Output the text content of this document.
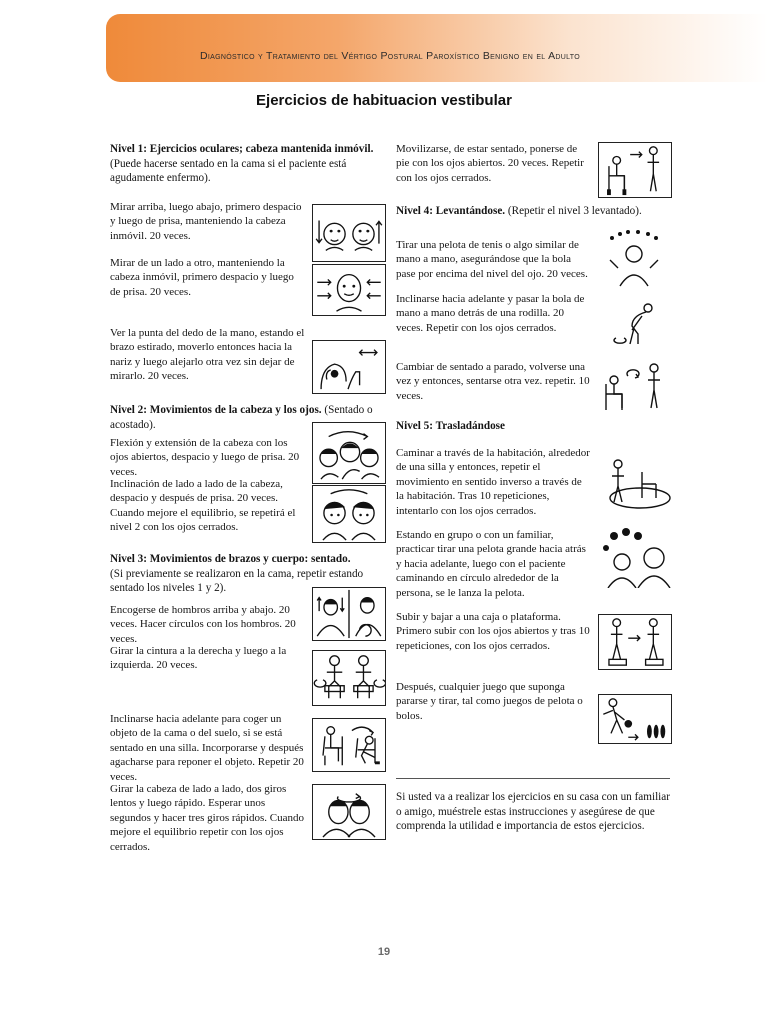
Diagnóstico y Tratamiento del Vértigo Postural Paroxístico Benigno en el Adulto
Ejercicios de habituacion vestibular
Nivel 1: Ejercicios oculares; cabeza mantenida inmóvil. (Puede hacerse sentado en la cama si el paciente está agudamente enfermo).
Mirar arriba, luego abajo, primero despacio y luego de prisa, manteniendo la cabeza inmóvil. 20 veces.
Mirar de un lado a otro, manteniendo la cabeza inmóvil, primero despacio y luego de prisa. 20 veces.
Ver la punta del dedo de la mano, estando el brazo estirado, moverlo entonces hacia la nariz y luego alejarlo otra vez sin dejar de mirarlo. 20 veces.
Nivel 2: Movimientos de la cabeza y los ojos. (Sentado o acostado).
Flexión y extensión de la cabeza con los ojos abiertos, despacio y luego de prisa. 20 veces.
Inclinación de lado a lado de la cabeza, despacio y después de prisa. 20 veces. Cuando mejore el equilibrio, se repetirá el nivel 2 con los ojos cerrados.
Nivel 3: Movimientos de brazos y cuerpo: sentado.
(Si previamente se realizaron en la cama, repetir estando sentado los niveles 1 y 2).
Encogerse de hombros arriba y abajo. 20 veces. Hacer círculos con los hombros. 20 veces.
Girar la cintura a la derecha y luego a la izquierda. 20 veces.
Inclinarse hacia adelante para coger un objeto de la cama o del suelo, si se está sentado en una silla. Incorporarse y después agacharse para reponer el objeto. Repetir 20 veces.
Girar la cabeza de lado a lado, dos giros lentos y luego rápido. Esperar unos segundos y hacer tres giros rápidos. Cuando mejore el equilibrio repetir con los ojos cerrados.
Movilizarse, de estar sentado, ponerse de pie con los ojos abiertos. 20 veces. Repetir con los ojos cerrados.
Nivel 4: Levantándose. (Repetir el nivel 3 levantado).
Tirar una pelota de tenis o algo similar de mano a mano, asegurándose que la bola pase por encima del nivel del ojo. 20 veces.
Inclinarse hacia adelante y pasar la bola de mano a mano detrás de una rodilla. 20 veces. Repetir con los ojos cerrados.
Cambiar de sentado a parado, volverse una vez y entonces, sentarse otra vez. repetir. 10 veces.
Nivel 5: Trasladándose
Caminar a través de la habitación, alrededor de una silla y entonces, repetir el movimiento en sentido inverso a través de la habitación. Tras 10 repeticiones, intentarlo con los ojos cerrados.
Estando en grupo o con un familiar, practicar tirar una pelota grande hacia atrás y hacia adelante, luego con el paciente caminando en círculo alrededor de la persona, se le lanza la pelota.
Subir y bajar a una caja o plataforma. Primero subir con los ojos abiertos y tras 10 repeticiones, con los ojos cerrados.
Después, cualquier juego que suponga pararse y tirar, tal como juegos de pelota o bolos.
Si usted va a realizar los ejercicios en su casa con un familiar o amigo, muéstrele estas instrucciones y asegúrese de que comprenda la utilidad e importancia de estos ejercicios.
19
